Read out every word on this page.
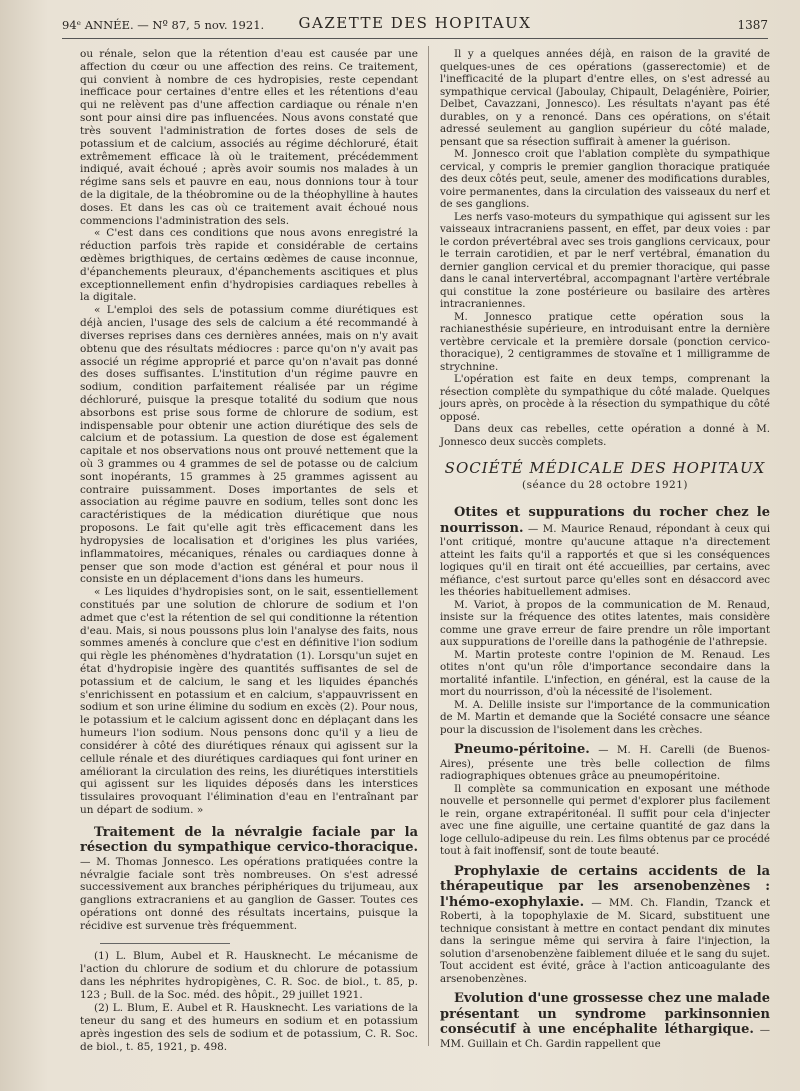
94ᵉ ANNÉE. — Nº 87, 5 nov. 1921.	GAZETTE DES HOPITAUX	1387

ou rénale, selon que la rétention d'eau est causée par une affection du cœur ou une affection des reins. Ce traitement, qui convient à nombre de ces hydropisies, reste cependant inefficace pour certaines d'entre elles et les rétentions d'eau qui ne relèvent pas d'une affection cardiaque ou rénale n'en sont pour ainsi dire pas influencées. Nous avons constaté que très souvent l'administration de fortes doses de sels de potassium et de calcium, associés au régime déchloruré, était extrêmement efficace là où le traitement, précédemment indiqué, avait échoué ; après avoir soumis nos malades à un régime sans sels et pauvre en eau, nous donnions tour à tour de la digitale, de la théobromine ou de la théophylline à hautes doses. Et dans les cas où ce traitement avait échoué nous commencions l'administration des sels.

« C'est dans ces conditions que nous avons enregistré la réduction parfois très rapide et considérable de certains œdèmes brigthiques, de certains œdèmes de cause inconnue, d'épanchements pleuraux, d'épanchements ascitiques et plus exceptionnellement enfin d'hydropisies cardiaques rebelles à la digitale.

« L'emploi des sels de potassium comme diurétiques est déjà ancien, l'usage des sels de calcium a été recommandé à diverses reprises dans ces dernières années, mais on n'y avait obtenu que des résultats médiocres : parce qu'on n'y avait pas associé un régime approprié et parce qu'on n'avait pas donné des doses suffisantes. L'institution d'un régime pauvre en sodium, condition parfaitement réalisée par un régime déchloruré, puisque la presque totalité du sodium que nous absorbons est prise sous forme de chlorure de sodium, est indispensable pour obtenir une action diurétique des sels de calcium et de potassium. La question de dose est également capitale et nos observations nous ont prouvé nettement que la où 3 grammes ou 4 grammes de sel de potasse ou de calcium sont inopérants, 15 grammes à 25 grammes agissent au contraire puissamment. Doses importantes de sels et association au régime pauvre en sodium, telles sont donc les caractéristiques de la médication diurétique que nous proposons. Le fait qu'elle agit très efficacement dans les hydropysies de localisation et d'origines les plus variées, inflammatoires, mécaniques, rénales ou cardiaques donne à penser que son mode d'action est général et pour nous il consiste en un déplacement d'ions dans les humeurs.

« Les liquides d'hydropisies sont, on le sait, essentiellement constitués par une solution de chlorure de sodium et l'on admet que c'est la rétention de sel qui conditionne la rétention d'eau. Mais, si nous poussons plus loin l'analyse des faits, nous sommes amenés à conclure que c'est en définitive l'ion sodium qui règle les phénomènes d'hydratation (1). Lorsqu'un sujet en état d'hydropisie ingère des quantités suffisantes de sel de potassium et de calcium, le sang et les liquides épanchés s'enrichissent en potassium et en calcium, s'appauvrissent en sodium et son urine élimine du sodium en excès (2). Pour nous, le potassium et le calcium agissent donc en déplaçant dans les humeurs l'ion sodium. Nous pensons donc qu'il y a lieu de considérer à côté des diurétiques rénaux qui agissent sur la cellule rénale et des diurétiques cardiaques qui font uriner en améliorant la circulation des reins, les diurétiques interstitiels qui agissent sur les liquides déposés dans les interstices tissulaires provoquant l'élimination d'eau en l'entraînant par un départ de sodium. »

Traitement de la névralgie faciale par la résection du sympathique cervico-thoracique. — M. Thomas Jonnesco. Les opérations pratiquées contre la névralgie faciale sont très nombreuses. On s'est adressé successivement aux branches périphériques du trijumeau, aux ganglions extracraniens et au ganglion de Gasser. Toutes ces opérations ont donné des résultats incertains, puisque la récidive est survenue très fréquemment.

(1) L. Blum, Aubel et R. Hausknecht. Le mécanisme de l'action du chlorure de sodium et du chlorure de potassium dans les néphrites hydropigènes, C. R. Soc. de biol., t. 85, p. 123 ; Bull. de la Soc. méd. des hôpit., 29 juillet 1921.

(2) L. Blum, E. Aubel et R. Hausknecht. Les variations de la teneur du sang et des humeurs en sodium et en potassium après ingestion des sels de sodium et de potassium, C. R. Soc. de biol., t. 85, 1921, p. 498.

Il y a quelques années déjà, en raison de la gravité de quelques-unes de ces opérations (gasserectomie) et de l'inefficacité de la plupart d'entre elles, on s'est adressé au sympathique cervical (Jaboulay, Chipault, Delagénière, Poirier, Delbet, Cavazzani, Jonnesco). Les résultats n'ayant pas été durables, on y a renoncé. Dans ces opérations, on s'était adressé seulement au ganglion supérieur du côté malade, pensant que sa résection suffirait à amener la guérison.

M. Jonnesco croit que l'ablation complète du sympathique cervical, y compris le premier ganglion thoracique pratiquée des deux côtés peut, seule, amener des modifications durables, voire permanentes, dans la circulation des vaisseaux du nerf et de ses ganglions.

Les nerfs vaso-moteurs du sympathique qui agissent sur les vaisseaux intracraniens passent, en effet, par deux voies : par le cordon prévertébral avec ses trois ganglions cervicaux, pour le terrain carotidien, et par le nerf vertébral, émanation du dernier ganglion cervical et du premier thoracique, qui passe dans le canal intervertébral, accompagnant l'artère vertébrale qui constitue la zone postérieure ou basilaire des artères intracraniennes.

M. Jonnesco pratique cette opération sous la rachianesthésie supérieure, en introduisant entre la dernière vertèbre cervicale et la première dorsale (ponction cervico-thoracique), 2 centigrammes de stovaïne et 1 milligramme de strychnine.

L'opération est faite en deux temps, comprenant la résection complète du sympathique du côté malade. Quelques jours après, on procède à la résection du sympathique du côté opposé.

Dans deux cas rebelles, cette opération a donné à M. Jonnesco deux succès complets.

SOCIÉTÉ MÉDICALE DES HOPITAUX

(séance du 28 octobre 1921)

Otites et suppurations du rocher chez le nourrisson. — M. Maurice Renaud, répondant à ceux qui l'ont critiqué, montre qu'aucune attaque n'a directement atteint les faits qu'il a rapportés et que si les conséquences logiques qu'il en tirait ont été accueillies, par certains, avec méfiance, c'est surtout parce qu'elles sont en désaccord avec les théories habituellement admises.

M. Variot, à propos de la communication de M. Renaud, insiste sur la fréquence des otites latentes, mais considère comme une grave erreur de faire prendre un rôle important aux suppurations de l'oreille dans la pathogénie de l'athrepsie.

M. Martin proteste contre l'opinion de M. Renaud. Les otites n'ont qu'un rôle d'importance secondaire dans la mortalité infantile. L'infection, en général, est la cause de la mort du nourrisson, d'où la nécessité de l'isolement.

M. A. Delille insiste sur l'importance de la communication de M. Martin et demande que la Société consacre une séance pour la discussion de l'isolement dans les crèches.

Pneumo-péritoine. — M. H. Carelli (de Buenos-Aires), présente une très belle collection de films radiographiques obtenues grâce au pneumopéritoine.

Il complète sa communication en exposant une méthode nouvelle et personnelle qui permet d'explorer plus facilement le rein, organe extrapéritonéal. Il suffit pour cela d'injecter avec une fine aiguille, une certaine quantité de gaz dans la loge cellulo-adipeuse du rein. Les films obtenus par ce procédé tout à fait inoffensif, sont de toute beauté.

Prophylaxie de certains accidents de la thérapeutique par les arsenobenzènes : l'hémo-exophylaxie. — MM. Ch. Flandin, Tzanck et Roberti, à la topophylaxie de M. Sicard, substituent une technique consistant à mettre en contact pendant dix minutes dans la seringue même qui servira à faire l'injection, la solution d'arsenobenzène faiblement diluée et le sang du sujet. Tout accident est évité, grâce à l'action anticoagulante des arsenobenzènes.

Evolution d'une grossesse chez une malade présentant un syndrome parkinsonnien consécutif à une encéphalite léthargique. — MM. Guillain et Ch. Gardin rappellent que
